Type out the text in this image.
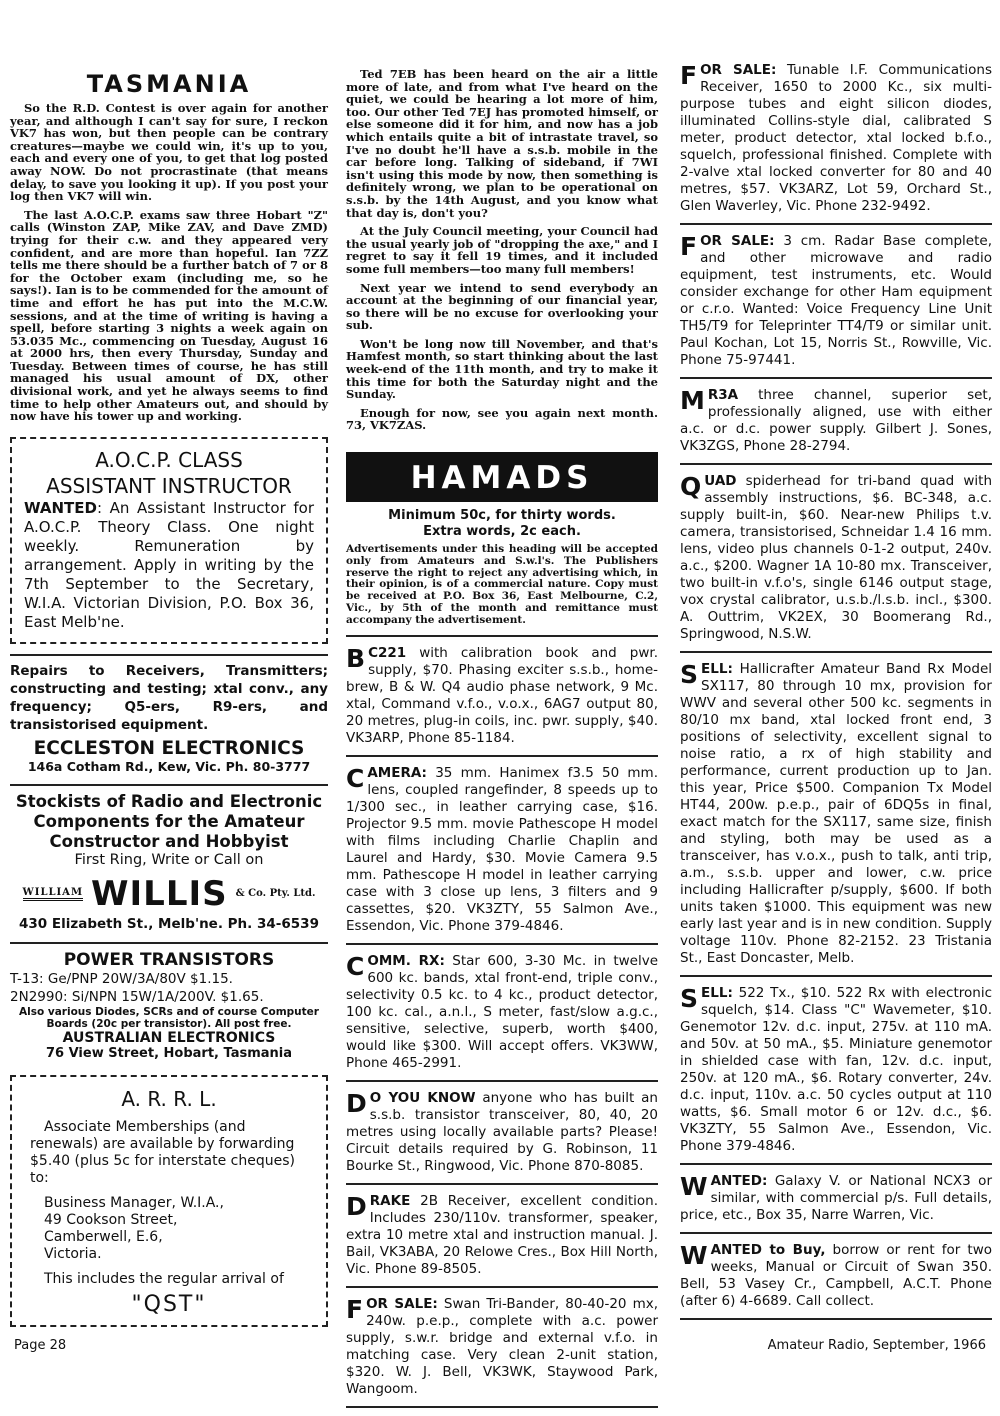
TASMANIA

So the R.D. Contest is over again for another year, and although I can't say for sure, I reckon VK7 has won, but then people can be contrary creatures—maybe we could win, it's up to you, each and every one of you, to get that log posted away NOW. Do not procrastinate (that means delay, to save you looking it up). If you post your log then VK7 will win.

The last A.O.C.P. exams saw three Hobart "Z" calls (Winston ZAP, Mike ZAV, and Dave ZMD) trying for their c.w. and they appeared very confident, and are more than hopeful. Ian 7ZZ tells me there should be a further batch of 7 or 8 for the October exam (including me, so he says!). Ian is to be commended for the amount of time and effort he has put into the M.C.W. sessions, and at the time of writing is having a spell, before starting 3 nights a week again on 53.035 Mc., commencing on Tuesday, August 16 at 2000 hrs, then every Thursday, Sunday and Tuesday. Between times of course, he has still managed his usual amount of DX, other divisional work, and yet he always seems to find time to help other Amateurs out, and should by now have his tower up and working.

A.O.C.P. CLASS
ASSISTANT INSTRUCTOR
WANTED: An Assistant Instructor for A.O.C.P. Theory Class. One night weekly. Remuneration by arrangement. Apply in writing by the 7th September to the Secretary, W.I.A. Victorian Division, P.O. Box 36, East Melb'ne.
Repairs to Receivers, Transmitters; constructing and testing; xtal conv., any frequency; Q5-ers, R9-ers, and transistorised equipment.
ECCLESTON ELECTRONICS
146a Cotham Rd., Kew, Vic. Ph. 80-3777
Stockists of Radio and Electronic Components for the Amateur Constructor and Hobbyist
First Ring, Write or Call on
WILLIAM WILLIS & Co. Pty. Ltd.
430 Elizabeth St., Melb'ne. Ph. 34-6539
POWER TRANSISTORS
T-13: Ge/PNP 20W/3A/80V $1.15.
2N2990: Si/NPN 15W/1A/200V. $1.65.
Also various Diodes, SCRs and of course Computer Boards (20c per transistor). All post free.
AUSTRALIAN ELECTRONICS
76 View Street, Hobart, Tasmania
A. R. R. L.
Associate Memberships (and renewals) are available by forwarding $5.40 (plus 5c for interstate cheques) to:
Business Manager, W.I.A.,
49 Cookson Street,
Camberwell, E.6,
Victoria.
This includes the regular arrival of
"QST"

Ted 7EB has been heard on the air a little more of late, and from what I've heard on the quiet, we could be hearing a lot more of him, too. Our other Ted 7EJ has promoted himself, or else someone did it for him, and now has a job which entails quite a bit of intrastate travel, so I've no doubt he'll have a s.s.b. mobile in the car before long. Talking of sideband, if 7WI isn't using this mode by now, then something is definitely wrong, we plan to be operational on s.s.b. by the 14th August, and you know what that day is, don't you?

At the July Council meeting, your Council had the usual yearly job of "dropping the axe," and I regret to say it fell 19 times, and it included some full members—too many full members!

Next year we intend to send everybody an account at the beginning of our financial year, so there will be no excuse for overlooking your sub.

Won't be long now till November, and that's Hamfest month, so start thinking about the last week-end of the 11th month, and try to make it this time for both the Saturday night and the Sunday.

Enough for now, see you again next month. 73, VK7ZAS.

HAMADS
Minimum 50c, for thirty words.
Extra words, 2c each.

Advertisements under this heading will be accepted only from Amateurs and S.w.l's. The Publishers reserve the right to reject any advertising which, in their opinion, is of a commercial nature. Copy must be received at P.O. Box 36, East Melbourne, C.2, Vic., by 5th of the month and remittance must accompany the advertisement.

B C221 with calibration book and pwr. supply, $70. Phasing exciter s.s.b., home-brew, B & W. Q4 audio phase network, 9 Mc. xtal, Command v.f.o., v.o.x., 6AG7 output 80, 20 metres, plug-in coils, inc. pwr. supply, $40. VK3ARP, Phone 85-1184.
CAMERA: 35 mm. Hanimex f3.5 50 mm. lens, coupled rangefinder, 8 speeds up to 1/300 sec., in leather carrying case, $16. Projector 9.5 mm. movie Pathescope H model with films including Charlie Chaplin and Laurel and Hardy, $30. Movie Camera 9.5 mm. Pathescope H model in leather carrying case with 3 close up lens, 3 filters and 9 cassettes, $20. VK3ZTY, 55 Salmon Ave., Essendon, Vic. Phone 379-4846.
COMM. RX: Star 600, 3-30 Mc. in twelve 600 kc. bands, xtal front-end, triple conv., selectivity 0.5 kc. to 4 kc., product detector, 100 kc. cal., a.n.l., S meter, fast/slow a.g.c., sensitive, selective, superb, worth $400, would like $300. Will accept offers. VK3WW, Phone 465-2991.
D O YOU KNOW anyone who has built an s.s.b. transistor transceiver, 80, 40, 20 metres using locally available parts? Please! Circuit details required by G. Robinson, 11 Bourke St., Ringwood, Vic. Phone 870-8085.
DRAKE 2B Receiver, excellent condition. Includes 230/110v. transformer, speaker, extra 10 metre xtal and instruction manual. J. Bail, VK3ABA, 20 Relowe Cres., Box Hill North, Vic. Phone 89-8505.
FOR SALE: Swan Tri-Bander, 80-40-20 mx, 240w. p.e.p., complete with a.c. power supply, s.w.r. bridge and external v.f.o. in matching case. Very clean 2-unit station, $320. W. J. Bell, VK3WK, Staywood Park, Wangoom.
FOR SALE: Tunable I.F. Communications Receiver, 1650 to 2000 Kc., six multi-purpose tubes and eight silicon diodes, illuminated Collins-style dial, calibrated S meter, product detector, xtal locked b.f.o., squelch, professional finished. Complete with 2-valve xtal locked converter for 80 and 40 metres, $57. VK3ARZ, Lot 59, Orchard St., Glen Waverley, Vic. Phone 232-9492.
FOR SALE: 3 cm. Radar Base complete, and other microwave and radio equipment, test instruments, etc. Would consider exchange for other Ham equipment or c.r.o. Wanted: Voice Frequency Line Unit TH5/T9 for Teleprinter TT4/T9 or similar unit. Paul Kochan, Lot 15, Norris St., Rowville, Vic. Phone 75-97441.
M R3A three channel, superior set, professionally aligned, use with either a.c. or d.c. power supply. Gilbert J. Sones, VK3ZGS, Phone 28-2794.
QUAD spiderhead for tri-band quad with assembly instructions, $6. BC-348, a.c. supply built-in, $60. Near-new Philips t.v. camera, transistorised, Schneidar 1.4 16 mm. lens, video plus channels 0-1-2 output, 240v. a.c., $200. Wagner 1A 10-80 mx. Transceiver, two built-in v.f.o's, single 6146 output stage, vox crystal calibrator, u.s.b./l.s.b. incl., $300. A. Outtrim, VK2EX, 30 Boomerang Rd., Springwood, N.S.W.
SELL: Hallicrafter Amateur Band Rx Model SX117, 80 through 10 mx, provision for WWV and several other 500 kc. segments in 80/10 mx band, xtal locked front end, 3 positions of selectivity, excellent signal to noise ratio, a rx of high stability and performance, current production up to Jan. this year, Price $500. Companion Tx Model HT44, 200w. p.e.p., pair of 6DQ5s in final, exact match for the SX117, same size, finish and styling, both may be used as a transceiver, has v.o.x., push to talk, anti trip, a.m., s.s.b. upper and lower, c.w. price including Hallicrafter p/supply, $600. If both units taken $1000. This equipment was new early last year and is in new condition. Supply voltage 110v. Phone 82-2152. 23 Tristania St., East Doncaster, Melb.
SELL: 522 Tx., $10. 522 Rx with electronic squelch, $14. Class "C" Wavemeter, $10. Genemotor 12v. d.c. input, 275v. at 110 mA. and 50v. at 50 mA., $5. Miniature genemotor in shielded case with fan, 12v. d.c. input, 250v. at 120 mA., $6. Rotary converter, 24v. d.c. input, 110v. a.c. 50 cycles output at 110 watts, $6. Small motor 6 or 12v. d.c., $6. VK3ZTY, 55 Salmon Ave., Essendon, Vic. Phone 379-4846.
WANTED: Galaxy V. or National NCX3 or similar, with commercial p/s. Full details, price, etc., Box 35, Narre Warren, Vic.
WANTED to Buy, borrow or rent for two weeks, Manual or Circuit of Swan 350. Bell, 53 Vasey Cr., Campbell, A.C.T. Phone (after 6) 4-6689. Call collect.
Page 28	Amateur Radio, September, 1966
